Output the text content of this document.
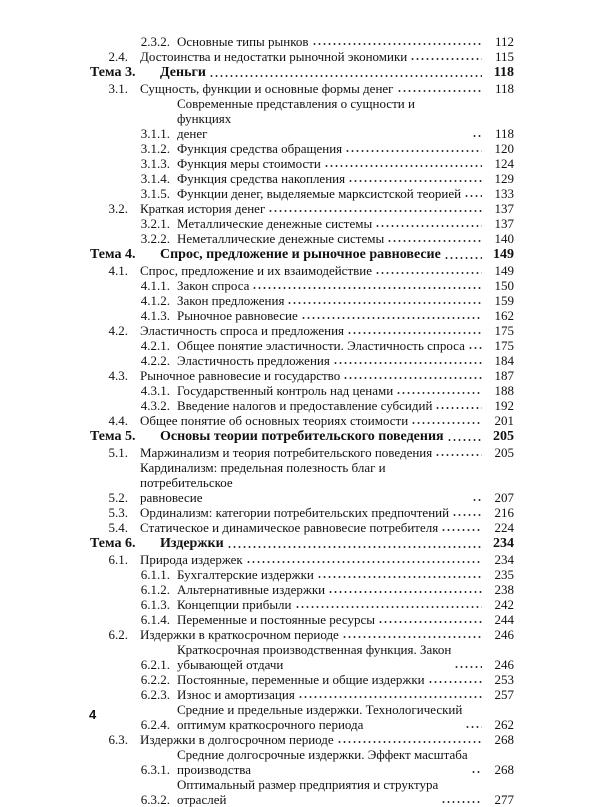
2.3.2. Основные типы рынков	112
2.4. Достоинства и недостатки рыночной экономики	115
Тема 3.	Деньги	118
3.1. Сущность, функции и основные формы денег	118
3.1.1.
Современные представления о сущности и функциях
денег	118
3.1.2. Функция средства обращения	120
3.1.3. Функция меры стоимости	124
3.1.4. Функция средства накопления	129
3.1.5. Функции денег, выделяемые марксистской теорией	133
3.2. Краткая история денег	137
3.2.1. Металлические денежные системы	137
3.2.2. Неметаллические денежные системы	140
Тема 4.	Спрос, предложение и рыночное равновесие	149
4.1. Спрос, предложение и их взаимодействие	149
4.1.1. Закон спроса	150
4.1.2. Закон предложения	159
4.1.3. Рыночное равновесие	162
4.2. Эластичность спроса и предложения	175
4.2.1. Общее понятие эластичности. Эластичность спроса	175
4.2.2. Эластичность предложения	184
4.3. Рыночное равновесие и государство	187
4.3.1. Государственный контроль над ценами	188
4.3.2. Введение налогов и предоставление субсидий	192
4.4. Общее понятие об основных теориях стоимости	201
Тема 5.	Основы теории потребительского поведения	205
5.1. Маржинализм и теория потребительского поведения	205
5.2.
Кардинализм: предельная полезность благ и потребительское
равновесие	207
5.3. Ординализм: категории потребительских предпочтений	216
5.4. Статическое и динамическое равновесие потребителя	224
Тема 6.	Издержки	234
6.1. Природа издержек	234
6.1.1. Бухгалтерские издержки	235
6.1.2. Альтернативные издержки	238
6.1.3. Концепции прибыли	242
6.1.4. Переменные и постоянные ресурсы	244
6.2. Издержки в краткосрочном периоде	246
6.2.1.
Краткосрочная производственная функция. Закон
убывающей отдачи	246
6.2.2. Постоянные, переменные и общие издержки	253
6.2.3. Износ и амортизация	257
6.2.4.
Средние и предельные издержки. Технологический
оптимум краткосрочного периода	262
6.3. Издержки в долгосрочном периоде	268
6.3.1.
Средние долгосрочные издержки. Эффект масштаба
производства	268
6.3.2.
Оптимальный размер предприятия и структура
отраслей	277
4
